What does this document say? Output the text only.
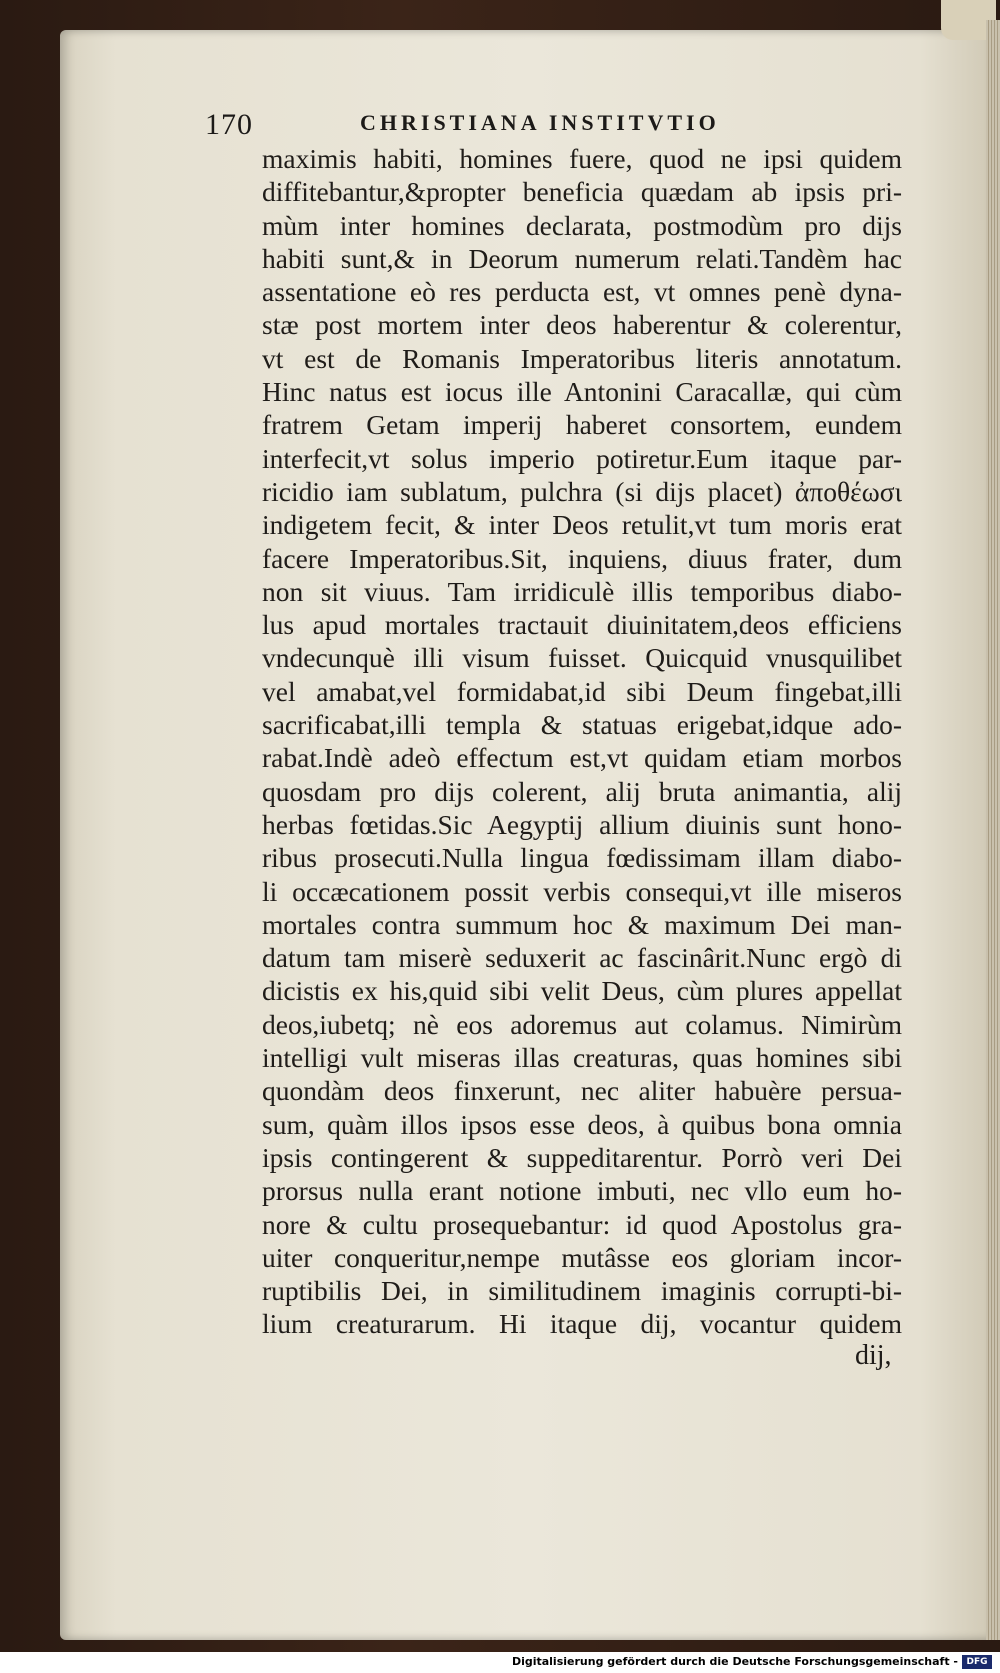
170	CHRISTIANA INSTITVTIO
maximis habiti, homines fuere, quod ne ipsi quidem
diffitebantur,&propter beneficia quædam ab ipsis pri-
mùm inter homines declarata, postmodùm pro dijs
habiti sunt,& in Deorum numerum relati.Tandèm hac
assentatione eò res perducta est, vt omnes penè dyna-
stæ post mortem inter deos haberentur & colerentur,
vt est de Romanis Imperatoribus literis annotatum.
Hinc natus est iocus ille Antonini Caracallæ, qui cùm
fratrem Getam imperij haberet consortem, eundem
interfecit,vt solus imperio potiretur.Eum itaque par-
ricidio iam sublatum, pulchra (si dijs placet) ἀποθέωσι
indigetem fecit, & inter Deos retulit,vt tum moris erat
facere Imperatoribus.Sit, inquiens, diuus frater, dum
non sit viuus. Tam irridiculè illis temporibus diabo-
lus apud mortales tractauit diuinitatem,deos efficiens
vndecunquè illi visum fuisset. Quicquid vnusquilibet
vel amabat,vel formidabat,id sibi Deum fingebat,illi
sacrificabat,illi templa & statuas erigebat,idque ado-
rabat.Indè adeò effectum est,vt quidam etiam morbos
quosdam pro dijs colerent, alij bruta animantia, alij
herbas fœtidas.Sic Aegyptij allium diuinis sunt hono-
ribus prosecuti.Nulla lingua fœdissimam illam diabo-
li occæcationem possit verbis consequi,vt ille miseros
mortales contra summum hoc & maximum Dei man-
datum tam miserè seduxerit ac fascinârit.Nunc ergò di
dicistis ex his,quid sibi velit Deus, cùm plures appellat
deos,iubetq; nè eos adoremus aut colamus. Nimirùm
intelligi vult miseras illas creaturas, quas homines sibi
quondàm deos finxerunt, nec aliter habuère persua-
sum, quàm illos ipsos esse deos, à quibus bona omnia
ipsis contingerent & suppeditarentur. Porrò veri Dei
prorsus nulla erant notione imbuti, nec vllo eum ho-
nore & cultu prosequebantur: id quod Apostolus gra-
uiter conqueritur,nempe mutâsse eos gloriam incor-
ruptibilis Dei, in similitudinem imaginis corrupti-bi-
lium creaturarum. Hi itaque dij, vocantur quidem
dij,
Digitalisierung gefördert durch die Deutsche Forschungsgemeinschaft - DFG
